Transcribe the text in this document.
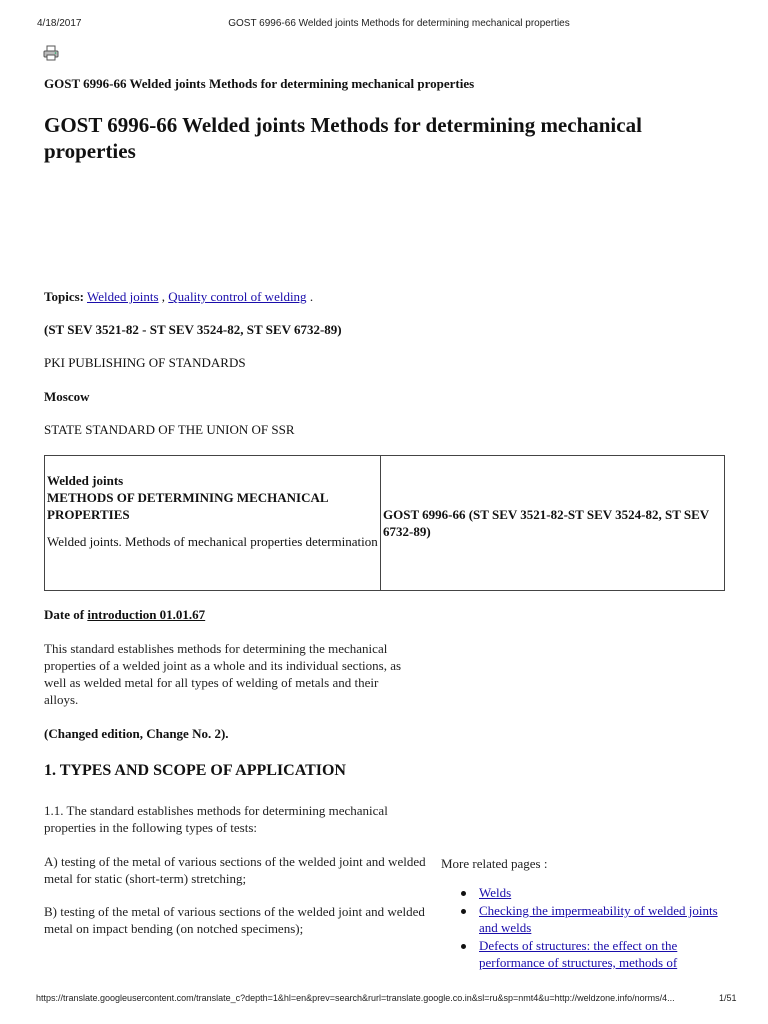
4/18/2017	GOST 6996-66 Welded joints Methods for determining mechanical properties
GOST 6996-66 Welded joints Methods for determining mechanical properties
GOST 6996-66 Welded joints Methods for determining mechanical properties
Topics: Welded joints , Quality control of welding .
(ST SEV 3521-82 - ST SEV 3524-82, ST SEV 6732-89)
PKI PUBLISHING OF STANDARDS
Moscow
STATE STANDARD OF THE UNION OF SSR
Welded joints
METHODS OF DETERMINING MECHANICAL PROPERTIES
Welded joints. Methods of mechanical properties determination
GOST 6996-66 (ST SEV 3521-82-ST SEV 3524-82, ST SEV 6732-89)
Date of introduction 01.01.67
This standard establishes methods for determining the mechanical properties of a welded joint as a whole and its individual sections, as well as welded metal for all types of welding of metals and their alloys.
(Changed edition, Change No. 2).
1. TYPES AND SCOPE OF APPLICATION
1.1. The standard establishes methods for determining mechanical properties in the following types of tests:
A) testing of the metal of various sections of the welded joint and welded metal for static (short-term) stretching;
B) testing of the metal of various sections of the welded joint and welded metal on impact bending (on notched specimens);
More related pages :
Welds
Checking the impermeability of welded joints and welds
Defects of structures: the effect on the performance of structures, methods of
https://translate.googleusercontent.com/translate_c?depth=1&hl=en&prev=search&rurl=translate.google.co.in&sl=ru&sp=nmt4&u=http://weldzone.info/norms/4...	1/51
